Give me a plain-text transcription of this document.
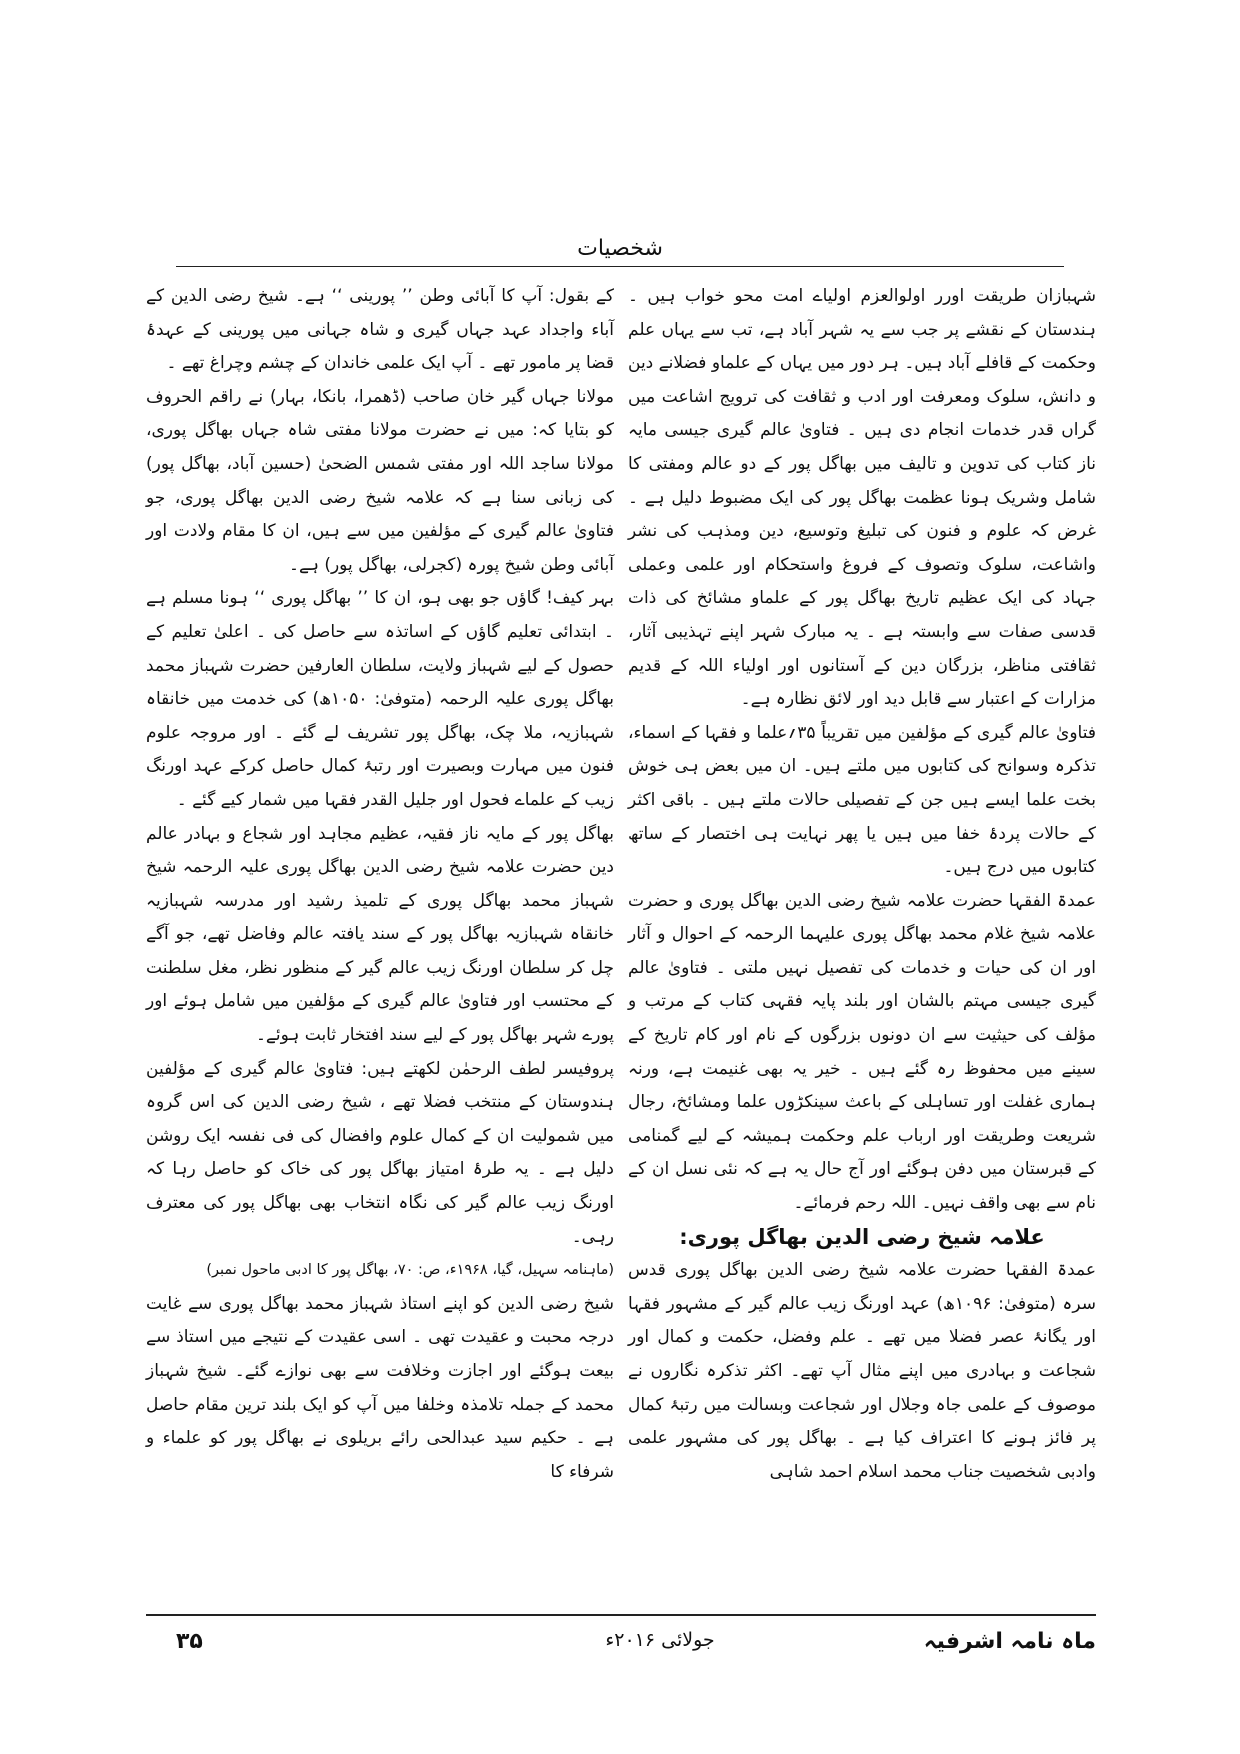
شخصیات

شہبازان طریقت اورر اولوالعزم اولیاے امت محو خواب ہیں ۔ ہندستان کے نقشے پر جب سے یہ شہر آباد ہے، تب سے یہاں علم وحکمت کے قافلے آباد ہیں۔ ہر دور میں یہاں کے علماو فضلانے دین و دانش، سلوک ومعرفت اور ادب و ثقافت کی ترویج اشاعت میں گراں قدر خدمات انجام دی ہیں ۔ فتاویٰ عالم گیری جیسی مایہ ناز کتاب کی تدوین و تالیف میں بھاگل پور کے دو عالم ومفتی کا شامل وشریک ہونا عظمت بھاگل پور کی ایک مضبوط دلیل ہے ۔ غرض کہ علوم و فنون کی تبلیغ وتوسیع، دین ومذہب کی نشر واشاعت، سلوک وتصوف کے فروغ واستحکام اور علمی وعملی جہاد کی ایک عظیم تاریخ بھاگل پور کے علماو مشائخ کی ذات قدسی صفات سے وابستہ ہے ۔ یہ مبارک شہر اپنے تہذیبی آثار، ثقافتی مناظر، بزرگان دین کے آستانوں اور اولیاء اللہ کے قدیم مزارات کے اعتبار سے قابل دید اور لائق نظارہ ہے۔

فتاویٰ عالم گیری کے مؤلفین میں تقریباً ۳۵؍علما و فقہا کے اسماء، تذکرہ وسوانح کی کتابوں میں ملتے ہیں۔ ان میں بعض ہی خوش بخت علما ایسے ہیں جن کے تفصیلی حالات ملتے ہیں ۔ باقی اکثر کے حالات پردۂ خفا میں ہیں یا پھر نہایت ہی اختصار کے ساتھ کتابوں میں درج ہیں۔

عمدۃ الفقہا حضرت علامہ شیخ رضی الدین بھاگل پوری و حضرت علامہ شیخ غلام محمد بھاگل پوری علیہما الرحمہ کے احوال و آثار اور ان کی حیات و خدمات کی تفصیل نہیں ملتی ۔ فتاویٰ عالم گیری جیسی مہتم بالشان اور بلند پایہ فقہی کتاب کے مرتب و مؤلف کی حیثیت سے ان دونوں بزرگوں کے نام اور کام تاریخ کے سینے میں محفوظ رہ گئے ہیں ۔ خیر یہ بھی غنیمت ہے، ورنہ ہماری غفلت اور تساہلی کے باعث سینکڑوں علما ومشائخ، رجال شریعت وطریقت اور ارباب علم وحکمت ہمیشہ کے لیے گمنامی کے قبرستان میں دفن ہوگئے اور آج حال یہ ہے کہ نئی نسل ان کے نام سے بھی واقف نہیں۔ اللہ رحم فرمائے۔

علامہ شیخ رضی الدین بھاگل پوری:

عمدۃ الفقہا حضرت علامہ شیخ رضی الدین بھاگل پوری قدس سرہ (متوفیٰ: ۱۰۹۶ھ) عہد اورنگ زیب عالم گیر کے مشہور فقہا اور یگانۂ عصر فضلا میں تھے ۔ علم وفضل، حکمت و کمال اور شجاعت و بہادری میں اپنے مثال آپ تھے۔ اکثر تذکرہ نگاروں نے موصوف کے علمی جاہ وجلال اور شجاعت وبسالت میں رتبۂ کمال پر فائز ہونے کا اعتراف کیا ہے ۔ بھاگل پور کی مشہور علمی وادبی شخصیت جناب محمد اسلام احمد شاہی

کے بقول: آپ کا آبائی وطن ’’ پورینی ‘‘ ہے۔ شیخ رضی الدین کے آباء واجداد عہد جہاں گیری و شاہ جہانی میں پورینی کے عہدۂ قضا پر مامور تھے ۔ آپ ایک علمی خاندان کے چشم وچراغ تھے ۔

مولانا جہاں گیر خان صاحب (ڈھمرا، بانکا، بہار) نے راقم الحروف کو بتایا کہ: میں نے حضرت مولانا مفتی شاہ جہاں بھاگل پوری، مولانا ساجد اللہ اور مفتی شمس الضحیٰ (حسین آباد، بھاگل پور) کی زبانی سنا ہے کہ علامہ شیخ رضی الدین بھاگل پوری، جو فتاویٰ عالم گیری کے مؤلفین میں سے ہیں، ان کا مقام ولادت اور آبائی وطن شیخ پورہ (کجرلی، بھاگل پور) ہے۔

بہر کیف! گاؤں جو بھی ہو، ان کا ’’ بھاگل پوری ‘‘ ہونا مسلم ہے ۔ ابتدائی تعلیم گاؤں کے اساتذہ سے حاصل کی ۔ اعلیٰ تعلیم کے حصول کے لیے شہباز ولایت، سلطان العارفین حضرت شہباز محمد بھاگل پوری علیہ الرحمہ (متوفیٰ: ۱۰۵۰ھ) کی خدمت میں خانقاہ شہبازیہ، ملا چک، بھاگل پور تشریف لے گئے ۔ اور مروجہ علوم فنون میں مہارت وبصیرت اور رتبۂ کمال حاصل کرکے عہد اورنگ زیب کے علماے فحول اور جلیل القدر فقہا میں شمار کیے گئے ۔

بھاگل پور کے مایہ ناز فقیہ، عظیم مجاہد اور شجاع و بہادر عالم دین حضرت علامہ شیخ رضی الدین بھاگل پوری علیہ الرحمہ شیخ شہباز محمد بھاگل پوری کے تلمیذ رشید اور مدرسہ شہبازیہ خانقاہ شہبازیہ بھاگل پور کے سند یافتہ عالم وفاضل تھے، جو آگے چل کر سلطان اورنگ زیب عالم گیر کے منظور نظر، مغل سلطنت کے محتسب اور فتاویٰ عالم گیری کے مؤلفین میں شامل ہوئے اور پورے شہر بھاگل پور کے لیے سند افتخار ثابت ہوئے۔

پروفیسر لطف الرحمٰن لکھتے ہیں: فتاویٰ عالم گیری کے مؤلفین ہندوستان کے منتخب فضلا تھے ، شیخ رضی الدین کی اس گروہ میں شمولیت ان کے کمال علوم وافضال کی فی نفسہ ایک روشن دلیل ہے ۔ یہ طرۂ امتیاز بھاگل پور کی خاک کو حاصل رہا کہ اورنگ زیب عالم گیر کی نگاہ انتخاب بھی بھاگل پور کی معترف رہی۔

(ماہنامہ سہیل، گیا، ۱۹۶۸ء، ص: ۷۰، بھاگل پور کا ادبی ماحول نمبر)

شیخ رضی الدین کو اپنے استاذ شہباز محمد بھاگل پوری سے غایت درجہ محبت و عقیدت تھی ۔ اسی عقیدت کے نتیجے میں استاذ سے بیعت ہوگئے اور اجازت وخلافت سے بھی نوازے گئے۔ شیخ شہباز محمد کے جملہ تلامذہ وخلفا میں آپ کو ایک بلند ترین مقام حاصل ہے ۔ حکیم سید عبدالحی رائے بریلوی نے بھاگل پور کو علماء و شرفاء کا

ماہ نامہ اشرفیہ
جولائی ۲۰۱۶ء
۳۵
